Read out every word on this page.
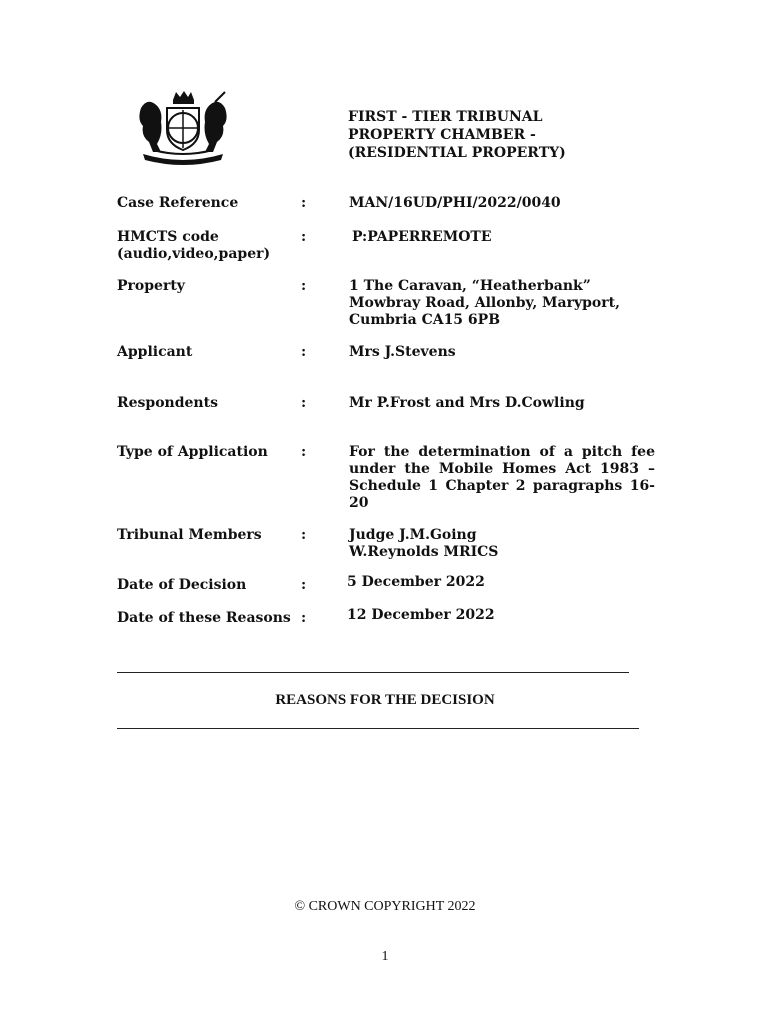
FIRST - TIER TRIBUNAL
PROPERTY CHAMBER -
(RESIDENTIAL PROPERTY)
Case Reference	:	MAN/16UD/PHI/2022/0040
HMCTS code
(audio,video,paper)
:	P:PAPERREMOTE
Property	:	1 The Caravan, “Heatherbank”
Mowbray Road, Allonby, Maryport,
Cumbria CA15 6PB
Applicant	:	Mrs J.Stevens
Respondents	:	Mr P.Frost and Mrs D.Cowling
Type of Application :	For the determination of a pitch fee under the Mobile Homes Act 1983 – Schedule 1 Chapter 2 paragraphs 16-20
Tribunal Members	:	Judge J.M.Going
W.Reynolds MRICS
Date of Decision	:	5 December 2022
Date of these Reasons :	12 December 2022
REASONS FOR THE DECISION
© CROWN COPYRIGHT 2022
1
